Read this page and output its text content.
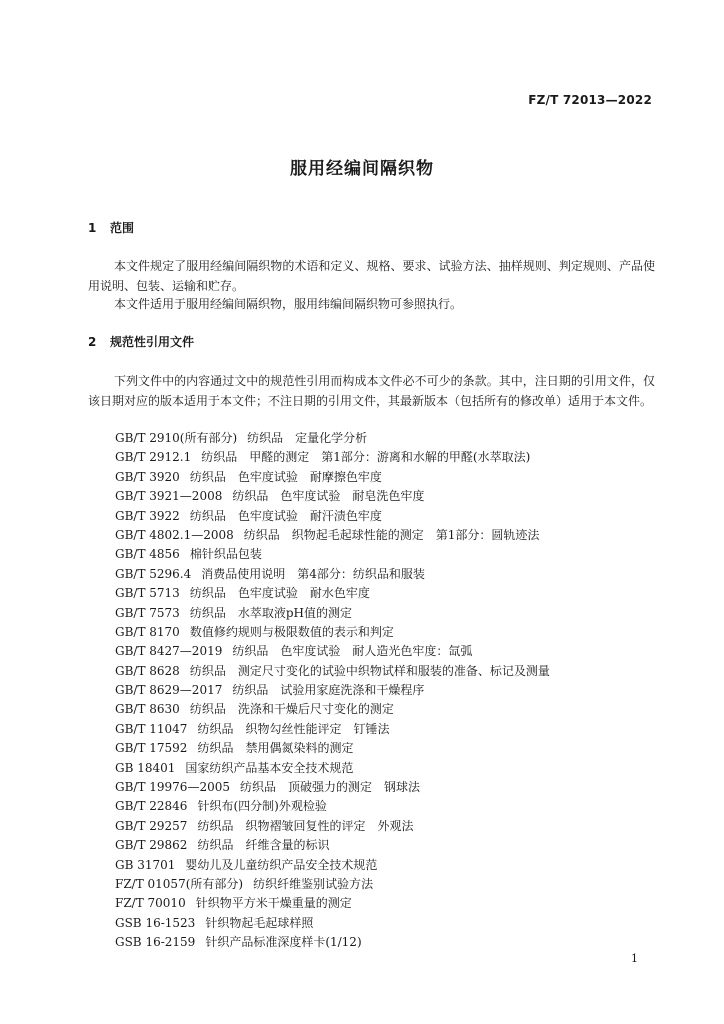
FZ/T 72013—2022
服用经编间隔织物
1 范围

本文件规定了服用经编间隔织物的术语和定义、规格、要求、试验方法、抽样规则、判定规则、产品使用说明、包装、运输和贮存。

本文件适用于服用经编间隔织物，服用纬编间隔织物可参照执行。

2 规范性引用文件

下列文件中的内容通过文中的规范性引用而构成本文件必不可少的条款。其中，注日期的引用文件，仅该日期对应的版本适用于本文件；不注日期的引用文件，其最新版本（包括所有的修改单）适用于本文件。

GB/T 2910(所有部分) 纺织品　定量化学分析
GB/T 2912.1 纺织品　甲醛的测定　第1部分：游离和水解的甲醛(水萃取法)
GB/T 3920 纺织品　色牢度试验　耐摩擦色牢度
GB/T 3921—2008 纺织品　色牢度试验　耐皂洗色牢度
GB/T 3922 纺织品　色牢度试验　耐汗渍色牢度
GB/T 4802.1—2008 纺织品　织物起毛起球性能的测定　第1部分：圆轨迹法
GB/T 4856 棉针织品包装
GB/T 5296.4 消费品使用说明　第4部分：纺织品和服装
GB/T 5713 纺织品　色牢度试验　耐水色牢度
GB/T 7573 纺织品　水萃取液pH值的测定
GB/T 8170 数值修约规则与极限数值的表示和判定
GB/T 8427—2019 纺织品　色牢度试验　耐人造光色牢度：氙弧
GB/T 8628 纺织品　测定尺寸变化的试验中织物试样和服装的准备、标记及测量
GB/T 8629—2017 纺织品　试验用家庭洗涤和干燥程序
GB/T 8630 纺织品　洗涤和干燥后尺寸变化的测定
GB/T 11047 纺织品　织物勾丝性能评定　钉锤法
GB/T 17592 纺织品　禁用偶氮染料的测定
GB 18401 国家纺织产品基本安全技术规范
GB/T 19976—2005 纺织品　顶破强力的测定　钢球法
GB/T 22846 针织布(四分制)外观检验
GB/T 29257 纺织品　织物褶皱回复性的评定　外观法
GB/T 29862 纺织品　纤维含量的标识
GB 31701 婴幼儿及儿童纺织产品安全技术规范
FZ/T 01057(所有部分) 纺织纤维鉴别试验方法
FZ/T 70010 针织物平方米干燥重量的测定
GSB 16-1523 针织物起毛起球样照
GSB 16-2159 针织产品标准深度样卡(1/12)
1
